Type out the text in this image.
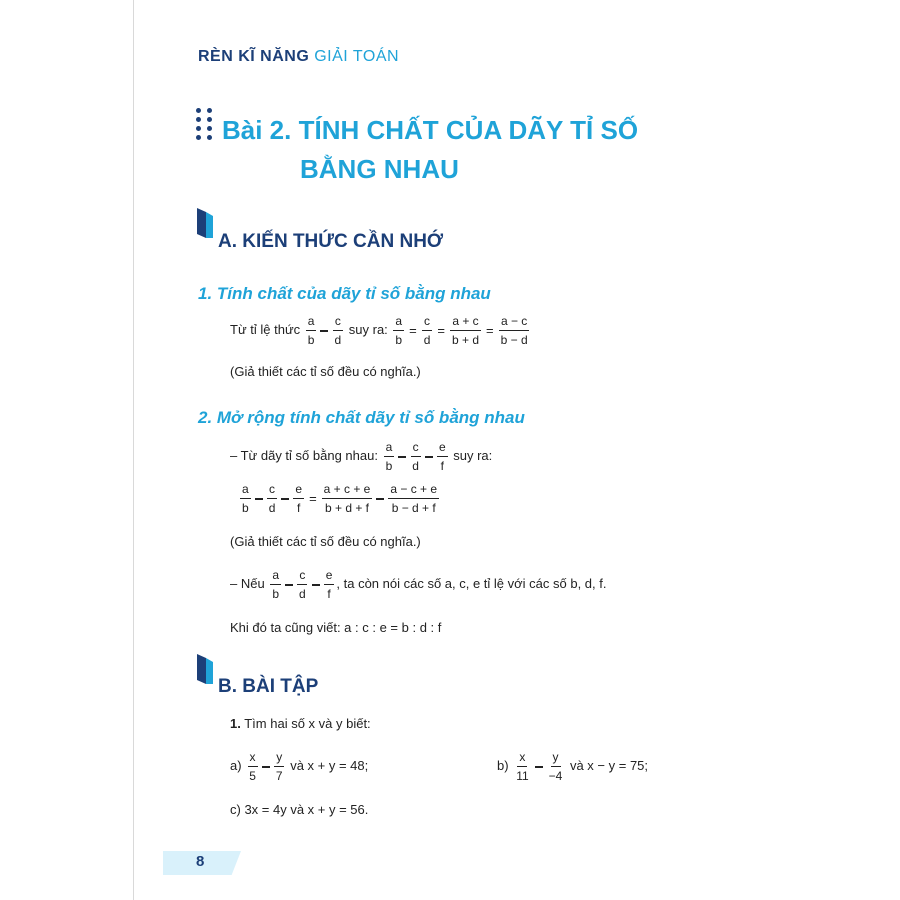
RÈN KĨ NĂNG GIẢI TOÁN
Bài 2. TÍNH CHẤT CỦA DÃY TỈ SỐ
BẰNG NHAU
A. KIẾN THỨC CẦN NHỚ
1. Tính chất của dãy tỉ số bằng nhau
Từ tỉ lệ thức $\frac{a}{b} \frac{c}{d}$ suy ra: $\frac{a}{b} = \frac{c}{d} = \frac{a + c}{b + d} = \frac{a - c}{b - d}$
(Giả thiết các tỉ số đều có nghĩa.)
2. Mở rộng tính chất dãy tỉ số bằng nhau
– Từ dãy tỉ số bằng nhau: $\frac{a}{b} \frac{c}{d} \frac{e}{f}$ suy ra:
$\frac{a}{b} \frac{c}{d} \frac{e}{f} = \frac{a + c + e}{b + d + f} \frac{a - c + e}{b - d + f}$
(Giả thiết các tỉ số đều có nghĩa.)
– Nếu $\frac{a}{b} \frac{c}{d} \frac{e}{f}$ , ta còn nói các số a, c, e tỉ lệ với các số b, d, f.
Khi đó ta cũng viết: a : c : e = b : d : f
B. BÀI TẬP
1. Tìm hai số x và y biết:
$a) \frac{x}{5} \frac{y}{7}$ và x + y = 48;	$b) \frac{x}{11} \frac{y}{-4}$ và x − y = 75;
c) 3x = 4y và x + y = 56.
8
